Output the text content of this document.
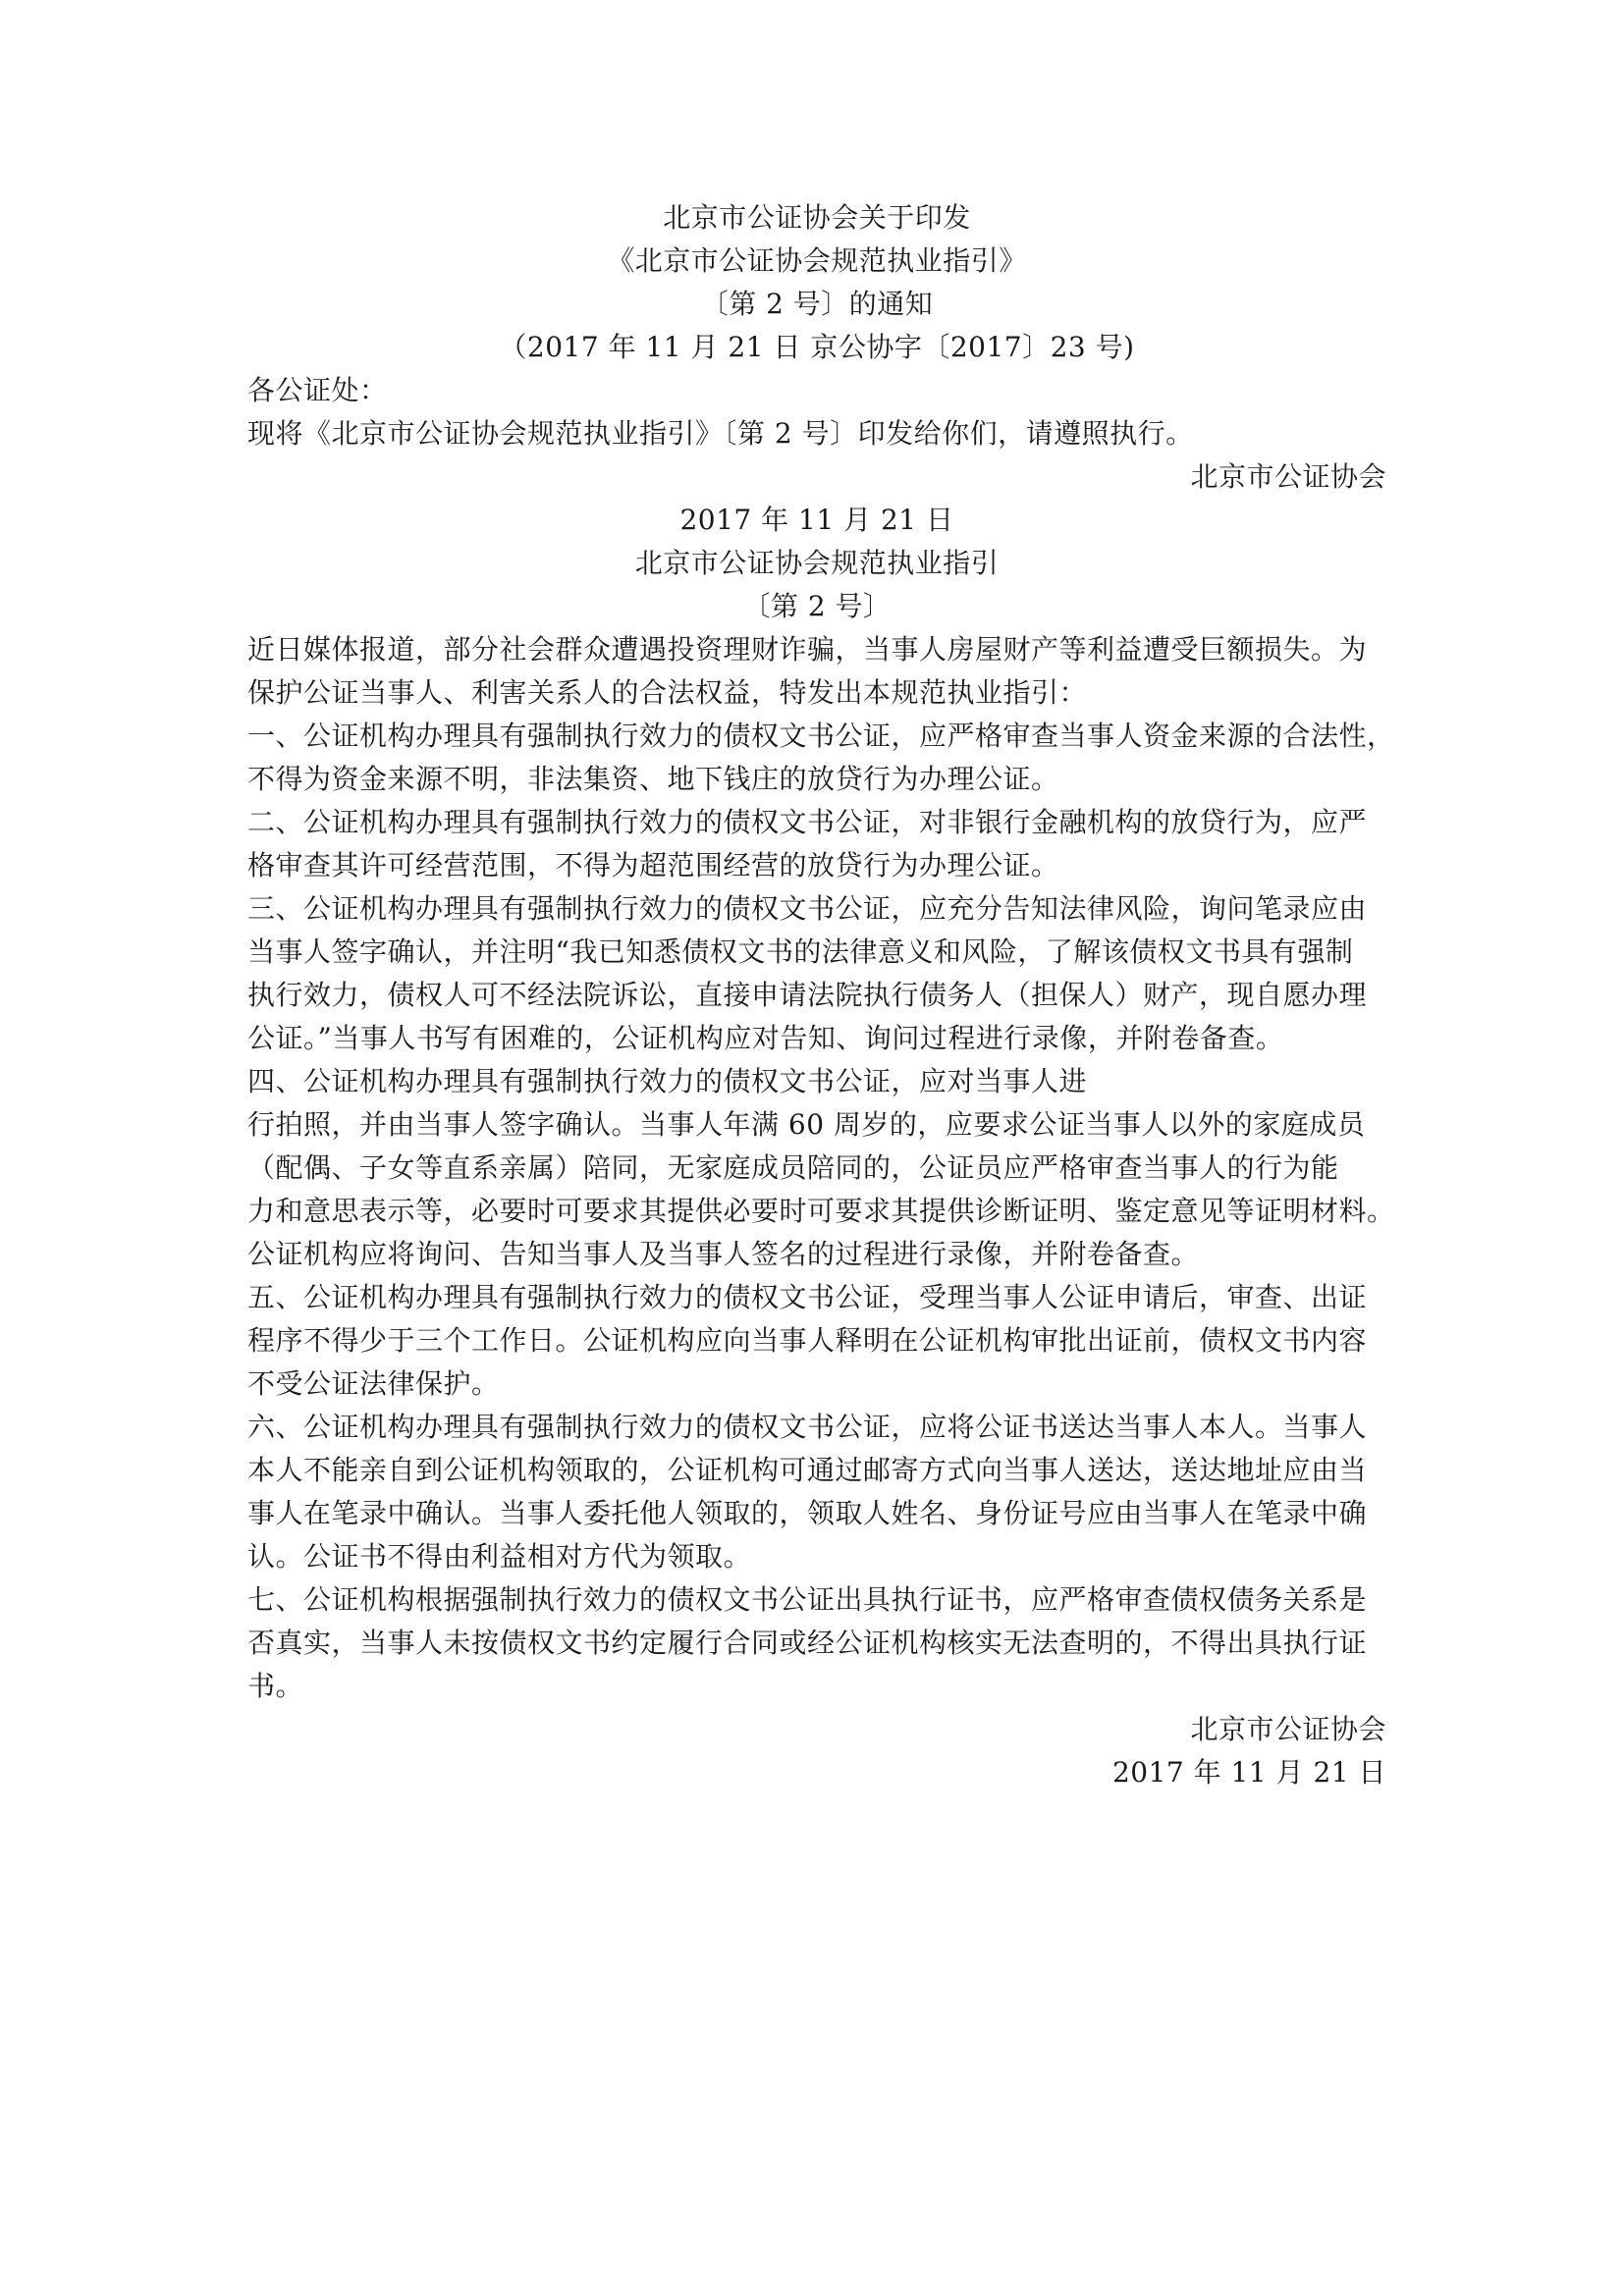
北京市公证协会关于印发
《北京市公证协会规范执业指引》
〔第 2 号〕的通知
（2017 年 11 月 21 日 京公协字〔2017〕23 号)
各公证处：
现将《北京市公证协会规范执业指引》〔第 2 号〕印发给你们，请遵照执行。
北京市公证协会
2017 年 11 月 21 日
北京市公证协会规范执业指引
〔第 2 号〕
近日媒体报道，部分社会群众遭遇投资理财诈骗，当事人房屋财产等利益遭受巨额损失。为
保护公证当事人、利害关系人的合法权益，特发出本规范执业指引：
一、公证机构办理具有强制执行效力的债权文书公证，应严格审查当事人资金来源的合法性，
不得为资金来源不明，非法集资、地下钱庄的放贷行为办理公证。
二、公证机构办理具有强制执行效力的债权文书公证，对非银行金融机构的放贷行为，应严
格审查其许可经营范围，不得为超范围经营的放贷行为办理公证。
三、公证机构办理具有强制执行效力的债权文书公证，应充分告知法律风险，询问笔录应由
当事人签字确认，并注明“我已知悉债权文书的法律意义和风险，了解该债权文书具有强制
执行效力，债权人可不经法院诉讼，直接申请法院执行债务人（担保人）财产，现自愿办理
公证。”当事人书写有困难的，公证机构应对告知、询问过程进行录像，并附卷备查。
四、公证机构办理具有强制执行效力的债权文书公证，应对当事人进
行拍照，并由当事人签字确认。当事人年满 60 周岁的，应要求公证当事人以外的家庭成员
（配偶、子女等直系亲属）陪同，无家庭成员陪同的，公证员应严格审查当事人的行为能
力和意思表示等，必要时可要求其提供必要时可要求其提供诊断证明、鉴定意见等证明材料。
公证机构应将询问、告知当事人及当事人签名的过程进行录像，并附卷备查。
五、公证机构办理具有强制执行效力的债权文书公证，受理当事人公证申请后，审查、出证
程序不得少于三个工作日。公证机构应向当事人释明在公证机构审批出证前，债权文书内容
不受公证法律保护。
六、公证机构办理具有强制执行效力的债权文书公证，应将公证书送达当事人本人。当事人
本人不能亲自到公证机构领取的，公证机构可通过邮寄方式向当事人送达，送达地址应由当
事人在笔录中确认。当事人委托他人领取的，领取人姓名、身份证号应由当事人在笔录中确
认。公证书不得由利益相对方代为领取。
七、公证机构根据强制执行效力的债权文书公证出具执行证书，应严格审查债权债务关系是
否真实，当事人未按债权文书约定履行合同或经公证机构核实无法查明的，不得出具执行证
书。
北京市公证协会
2017 年 11 月 21 日
